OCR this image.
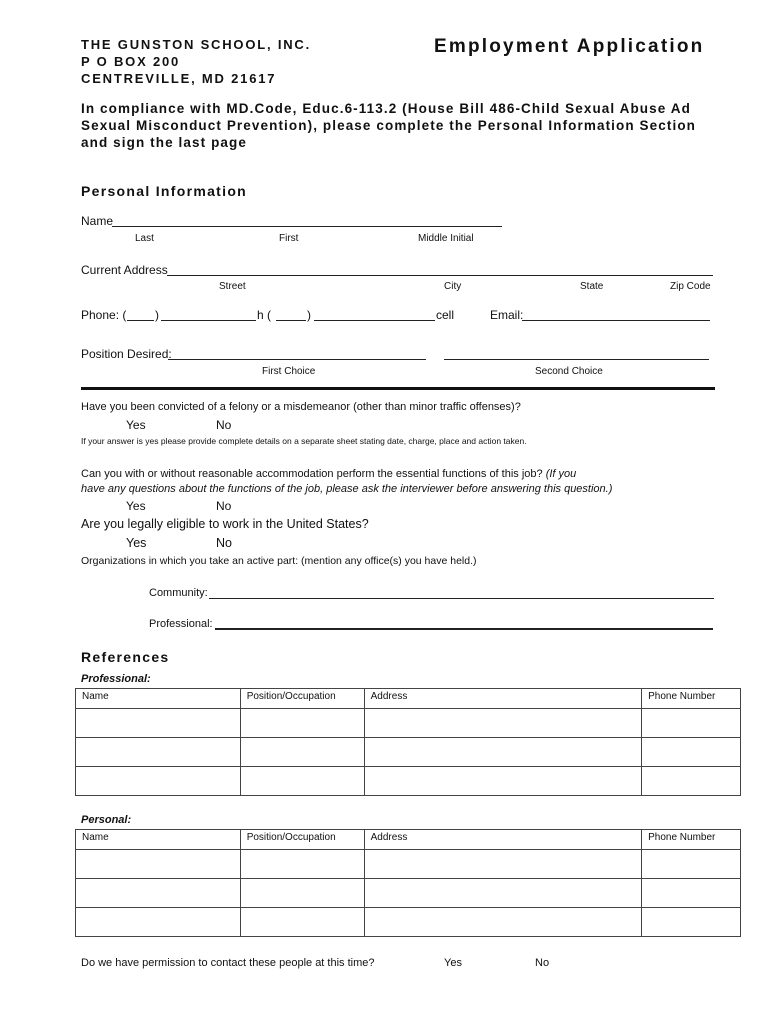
THE GUNSTON SCHOOL, INC.
P O BOX 200
CENTREVILLE, MD 21617
Employment Application
In compliance with MD.Code, Educ.6-113.2 (House Bill 486-Child Sexual Abuse Ad Sexual Misconduct Prevention), please complete the Personal Information Section and sign the last page
Personal Information
Name
Last	First	Middle Initial
Current Address
Street	City	State	Zip Code
Phone: ( )	h (	)	cell	Email:
Position Desired:
First Choice	Second Choice
Have you been convicted of a felony or a misdemeanor (other than minor traffic offenses)?
Yes	No
If your answer is yes please provide complete details on a separate sheet stating date, charge, place and action taken.
Can you with or without reasonable accommodation perform the essential functions of this job? (If you
have any questions about the functions of the job, please ask the interviewer before answering this question.)
Yes	No
Are you legally eligible to work in the United States?
Yes	No
Organizations in which you take an active part: (mention any office(s) you have held.)
Community:
Professional:
References
Professional:
Name	Position/Occupation	Address	Phone Number

Personal:
Name	Position/Occupation	Address	Phone Number

Do we have permission to contact these people at this time?	Yes	No
